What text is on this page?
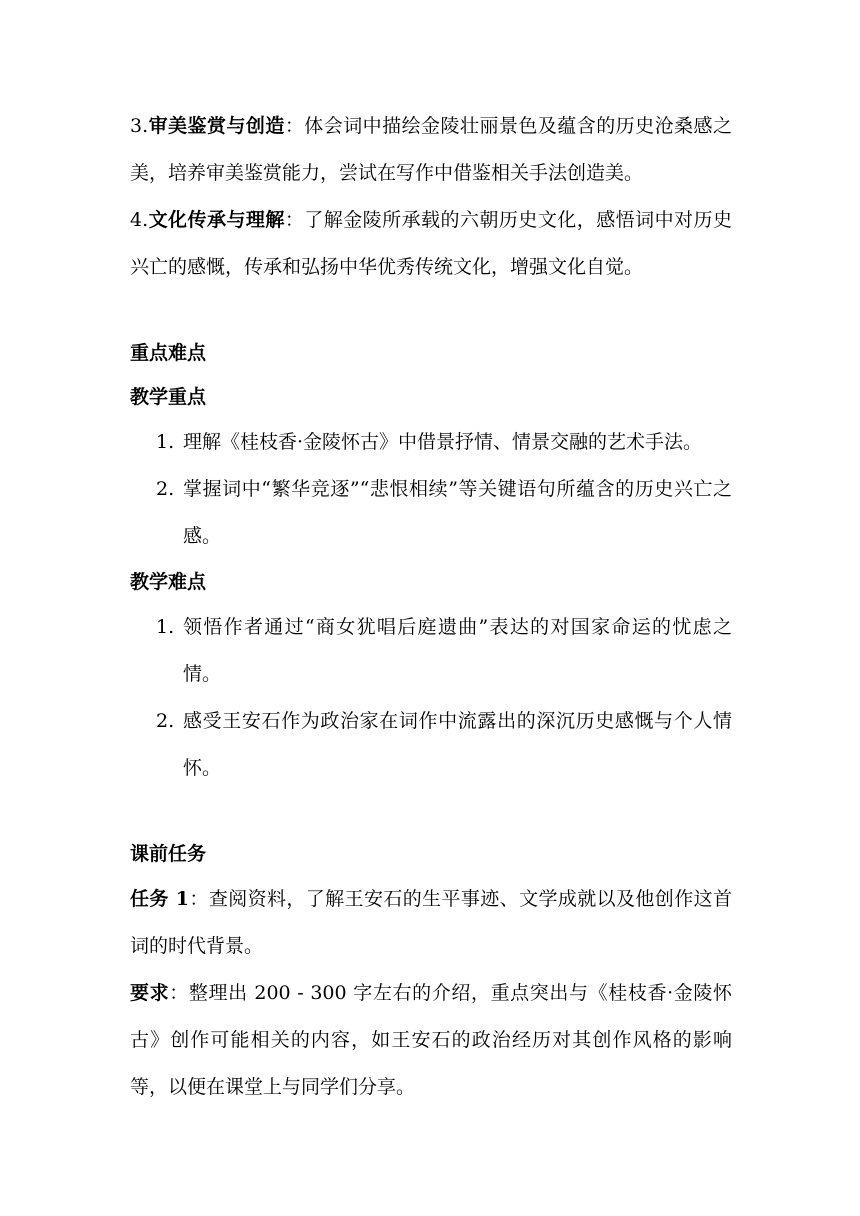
3.审美鉴赏与创造：体会词中描绘金陵壮丽景色及蕴含的历史沧桑感之美，培养审美鉴赏能力，尝试在写作中借鉴相关手法创造美。

4.文化传承与理解：了解金陵所承载的六朝历史文化，感悟词中对历史兴亡的感慨，传承和弘扬中华优秀传统文化，增强文化自觉。

重点难点

教学重点

1. 理解《桂枝香·金陵怀古》中借景抒情、情景交融的艺术手法。
2. 掌握词中“繁华竞逐”“悲恨相续”等关键语句所蕴含的历史兴亡之感。

教学难点

1. 领悟作者通过“商女犹唱后庭遗曲”表达的对国家命运的忧虑之情。
2. 感受王安石作为政治家在词作中流露出的深沉历史感慨与个人情怀。

课前任务

任务 1：查阅资料，了解王安石的生平事迹、文学成就以及他创作这首词的时代背景。

要求：整理出 200 - 300 字左右的介绍，重点突出与《桂枝香·金陵怀古》创作可能相关的内容，如王安石的政治经历对其创作风格的影响等，以便在课堂上与同学们分享。
